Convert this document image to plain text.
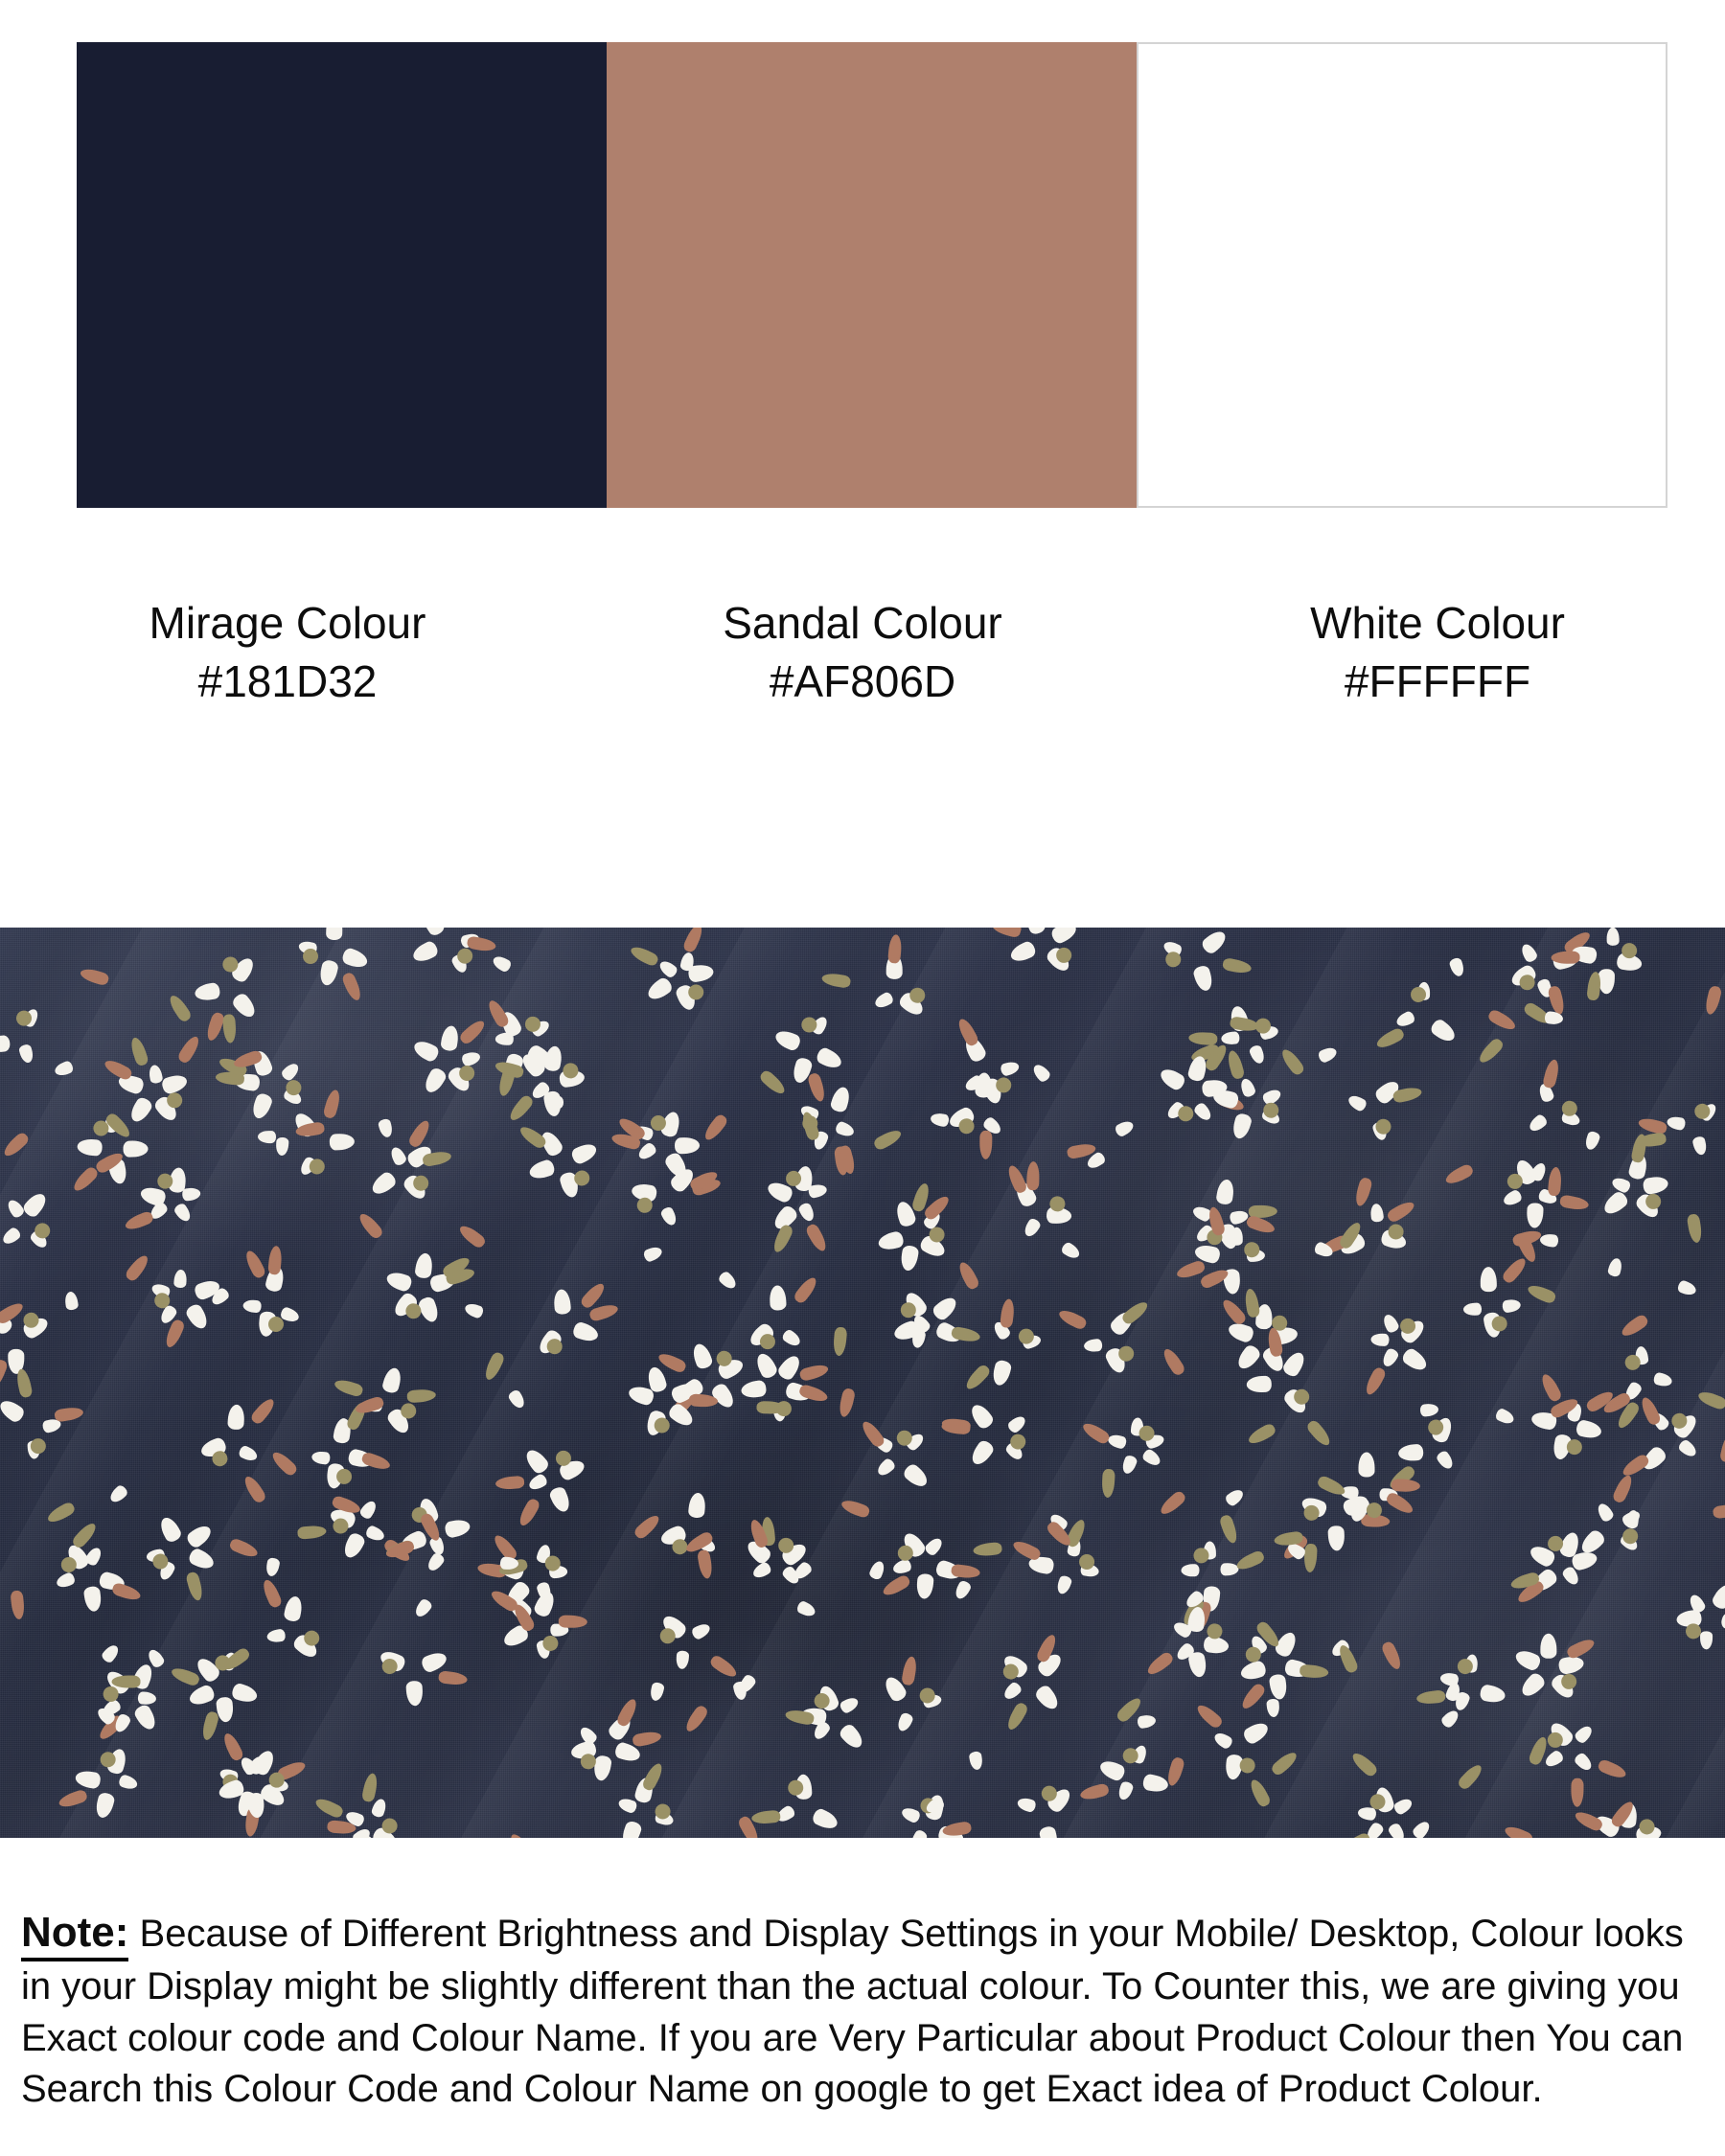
Mirage Colour
#181D32
Sandal Colour
#AF806D
White Colour
#FFFFFF

Note: Because of Different Brightness and Display Settings in your Mobile/ Desktop, Colour looks in your Display might be slightly different than the actual colour. To Counter this, we are giving you Exact colour code and Colour Name. If you are Very Particular about Product Colour then You can Search this Colour Code and Colour Name on google to get Exact idea of Product Colour.
